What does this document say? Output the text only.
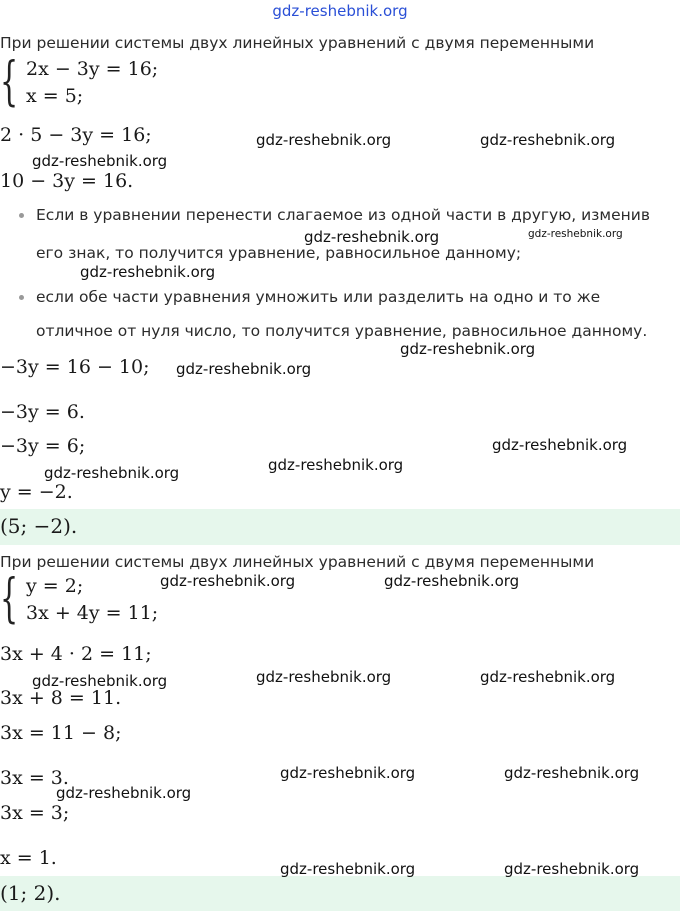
gdz-reshebnik.org
При решении системы двух линейных уравнений с двумя переменными
{ 2x − 3y = 16;
x = 5;
2 · 5 − 3y = 16;
10 − 3y = 16.
Если в уравнении перенести слагаемое из одной части в другую, изменив
его знак, то получится уравнение, равносильное данному;
если обе части уравнения умножить или разделить на одно и то же
отличное от нуля число, то получится уравнение, равносильное данному.
−3y = 16 − 10;
−3y = 6.
−3y = 6;
y = −2.
(5; −2).
При решении системы двух линейных уравнений с двумя переменными
{ y = 2;
3x + 4y = 11;
3x + 4 · 2 = 11;
3x + 8 = 11.
3x = 11 − 8;
3x = 3.
3x = 3;
x = 1.
(1; 2).
gdz-reshebnik.org	gdz-reshebnik.org
gdz-reshebnik.org
gdz-reshebnik.org	gdz-reshebnik.org
gdz-reshebnik.org
gdz-reshebnik.org
gdz-reshebnik.org
gdz-reshebnik.org
gdz-reshebnik.org
gdz-reshebnik.org
gdz-reshebnik.org	gdz-reshebnik.org
gdz-reshebnik.org	gdz-reshebnik.org
gdz-reshebnik.org
gdz-reshebnik.org	gdz-reshebnik.org
gdz-reshebnik.org
gdz-reshebnik.org	gdz-reshebnik.org
